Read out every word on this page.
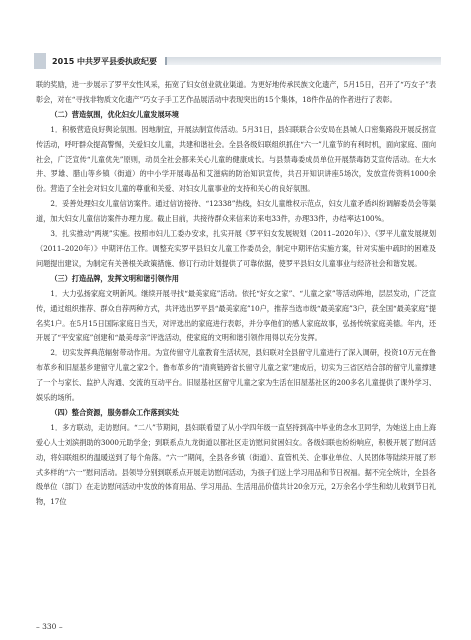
2015 中共罗平县委执政纪要

联的奖励，进一步展示了罗平女性风采，拓宽了妇女创业就业渠道。为更好地传承民族文化遗产，5月15日，召开了“巧女子”表彰会，对在“寻找非物质文化遗产”巧女子手工艺作品展活动中表现突出的15个集体，18件作品的作者进行了表彰。

（二）营造氛围，优化妇女儿童发展环境

1．积极营造良好舆论氛围。因地制宜，开展法制宣传活动。5月31日，县妇联联合公安局在县城人口密集路段开展反拐宣传活动，呼吁群众提高警惕，关爱妇女儿童，共建和谐社会。全县各级妇联组织抓住“六一”儿童节的有利时机，面向家庭、面向社会，广泛宣传“儿童优先”原则，动员全社会都来关心儿童的健康成长。与县禁毒委成员单位开展禁毒防艾宣传活动。在大水井、罗雄、腊山等乡镇（街道）的中小学开展毒品和艾滋病的防治知识宣传，共召开知识讲座5场次，发放宣传资料1000余份。营造了全社会对妇女儿童的尊重和关爱、对妇女儿童事业的支持和关心的良好氛围。

2．妥善处理妇女儿童信访案件。通过信访接待、“12338”热线，妇女儿童维权示范点，妇女儿童矛盾纠纷调解委员会等渠道，加大妇女儿童信访案件办理力度。截止目前，共接待群众来信来访来电33件，办理33件，办结率达100%。

3．扎实推动“两规”实施。按照市妇儿工委办安求，扎实开展《罗平妇女发展规划（2011–2020年）》、《罗平儿童发展规划（2011–2020年）》中期评估工作。调整充实罗平县妇女儿童工作委员会，制定中期评估实施方案，针对实施中疏时的困难及问题提出建议，为制定有关善根关政策措施、修订行动计划提供了可靠依据，使罗平县妇女儿童事业与经济社会和谐发展。

（三）打造品牌，发挥文明和谐引领作用

1．大力弘扬家庭文明新风。继续开展寻找“最美家庭”活动。依托“好女之家”、“儿童之家”等活动阵地，层层发动，广泛宣传，通过组织推荐、群众自荐两种方式，共评选出罗平县“最美家庭”10户，推荐当选市级“最美家庭”3户，获全国“最美家庭”提名奖1户。在5月15日国际家庭日当天，对评选出的家庭进行表彰，并分享他们的感人家庭故事，弘扬传统家庭美德。年内，还开展了“平安家庭”创建和“最美母亲”评选活动，使家庭的文明和谐引领作用得以充分发挥。

2．切实发挥典范辐射带动作用。为宣传留守儿童教育生活状况，县妇联对全县留守儿童进行了深入调研，投资10万元在鲁布革乡和旧屋基乡建留守儿童之家2个。鲁布革乡的“清爽链跨省长留守儿童之家”建成后，切实为三省区结合部的留守儿童撑建了一个与家长、监护人沟通、交流的互动平台。旧屋基社区留守儿童之家为生活在旧屋基社区的200多名儿童提供了课外学习、娱乐的场所。

（四）整合资源，服务群众工作落到实处

1．多方联动，走访慰问。“二八”节期间，县妇联看望了从小学四年级一直坚持到高中毕业的念水卫同学，为她送上由上海爱心人士刘滨捐助的3000元助学金；到联系点九龙街道以都社区走访慰问贫困妇女。各级妇联也纷纷响应，积极开展了慰问活动，将妇联组织的温暖送到了每个角落。“六一”期间，全县各乡镇（街道）、直管机关、企事业单位、人民团体等陆续开展了形式多样的“六一”慰问活动。县领导分别到联系点开展走访慰问活动，为孩子们送上学习用品和节日祝福。据不完全统计，全县各级单位（部门）在走访慰问活动中发放的体育用品、学习用品、生活用品价值共计20余万元，2万余名小学生和幼儿收到节日礼物，17位

– 330 –
